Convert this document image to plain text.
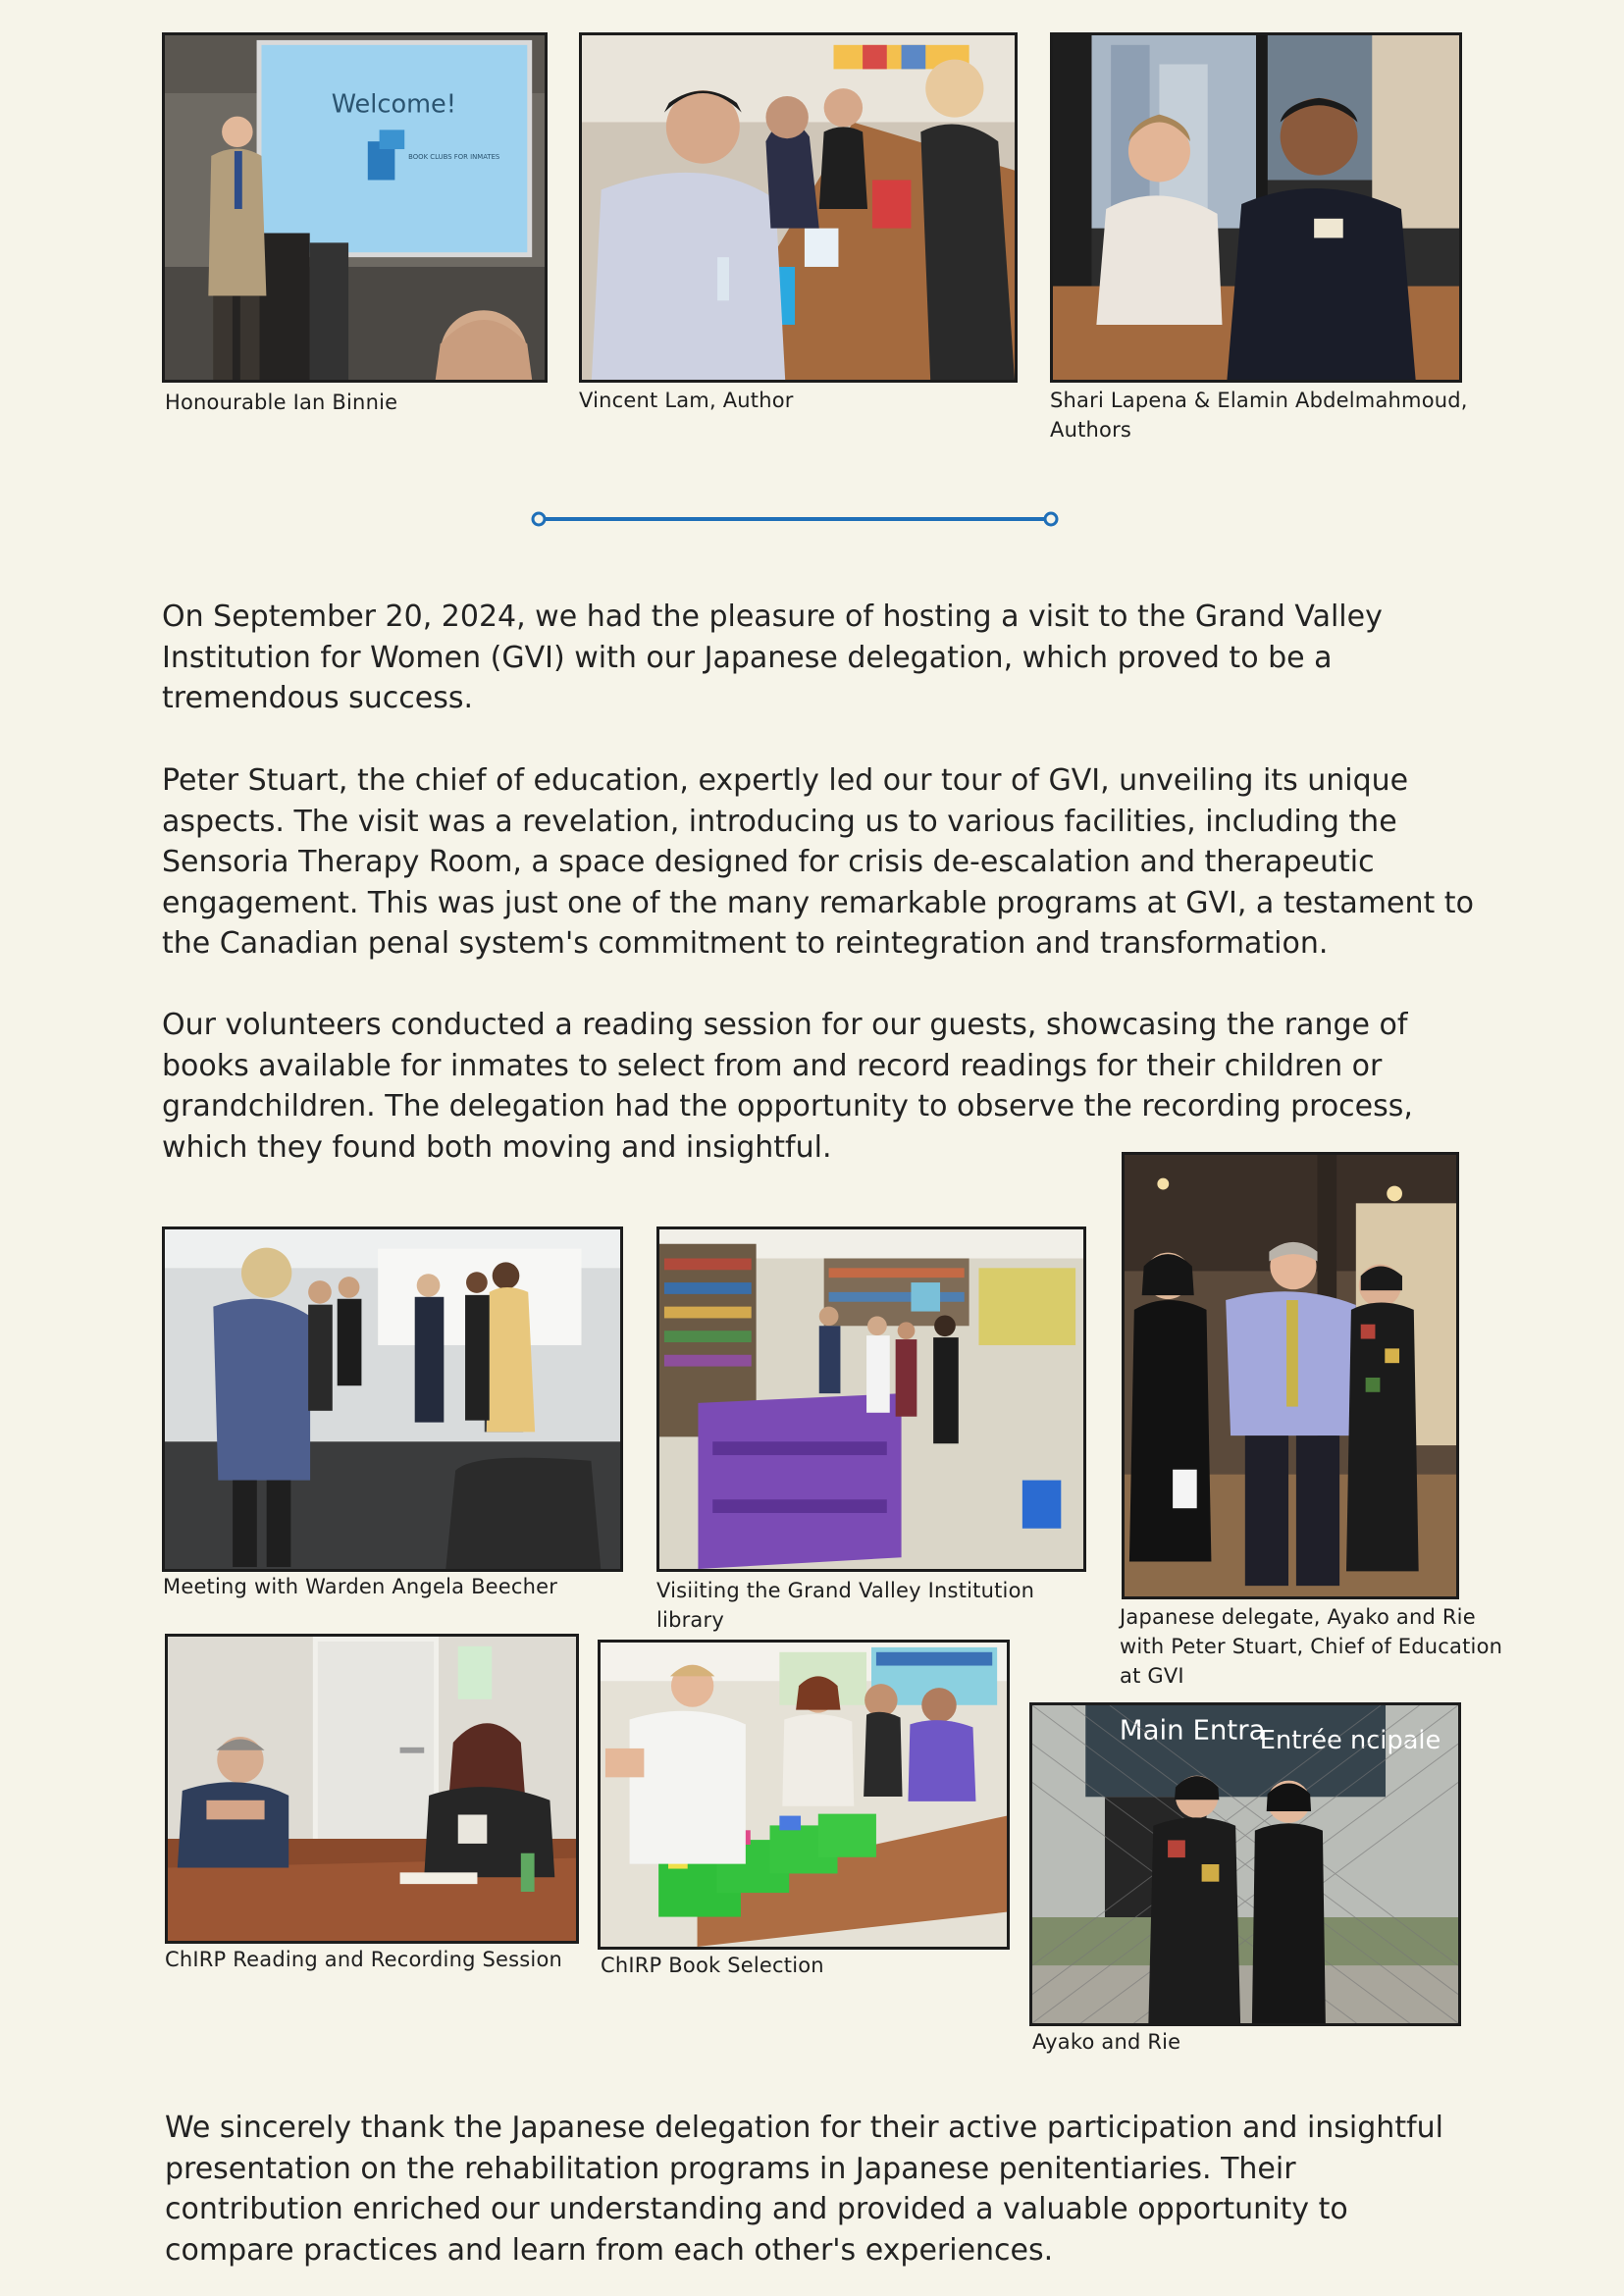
Welcome!
BOOK CLUBS FOR INMATES
Honourable Ian Binnie	Vincent Lam, Author	Shari Lapena & Elamin Abdelmahmoud, Authors

On September 20, 2024, we had the pleasure of hosting a visit to the Grand Valley Institution for Women (GVI) with our Japanese delegation, which proved to be a tremendous success.

Peter Stuart, the chief of education, expertly led our tour of GVI, unveiling its unique aspects. The visit was a revelation, introducing us to various facilities, including the Sensoria Therapy Room, a space designed for crisis de-escalation and therapeutic engagement. This was just one of the many remarkable programs at GVI, a testament to the Canadian penal system's commitment to reintegration and transformation.

Our volunteers conducted a reading session for our guests, showcasing the range of books available for inmates to select from and record readings for their children or grandchildren. The delegation had the opportunity to observe the recording process, which they found both moving and insightful.

Meeting with Warden Angela Beecher	Visiiting the Grand Valley Institution library	Japanese delegate, Ayako and Rie with Peter Stuart, Chief of Education at GVI
ChIRP Reading and Recording Session ChIRP Book Selection
Main Entra
Entrée ncipale
Ayako and Rie

We sincerely thank the Japanese delegation for their active participation and insightful presentation on the rehabilitation programs in Japanese penitentiaries. Their contribution enriched our understanding and provided a valuable opportunity to compare practices and learn from each other's experiences.
